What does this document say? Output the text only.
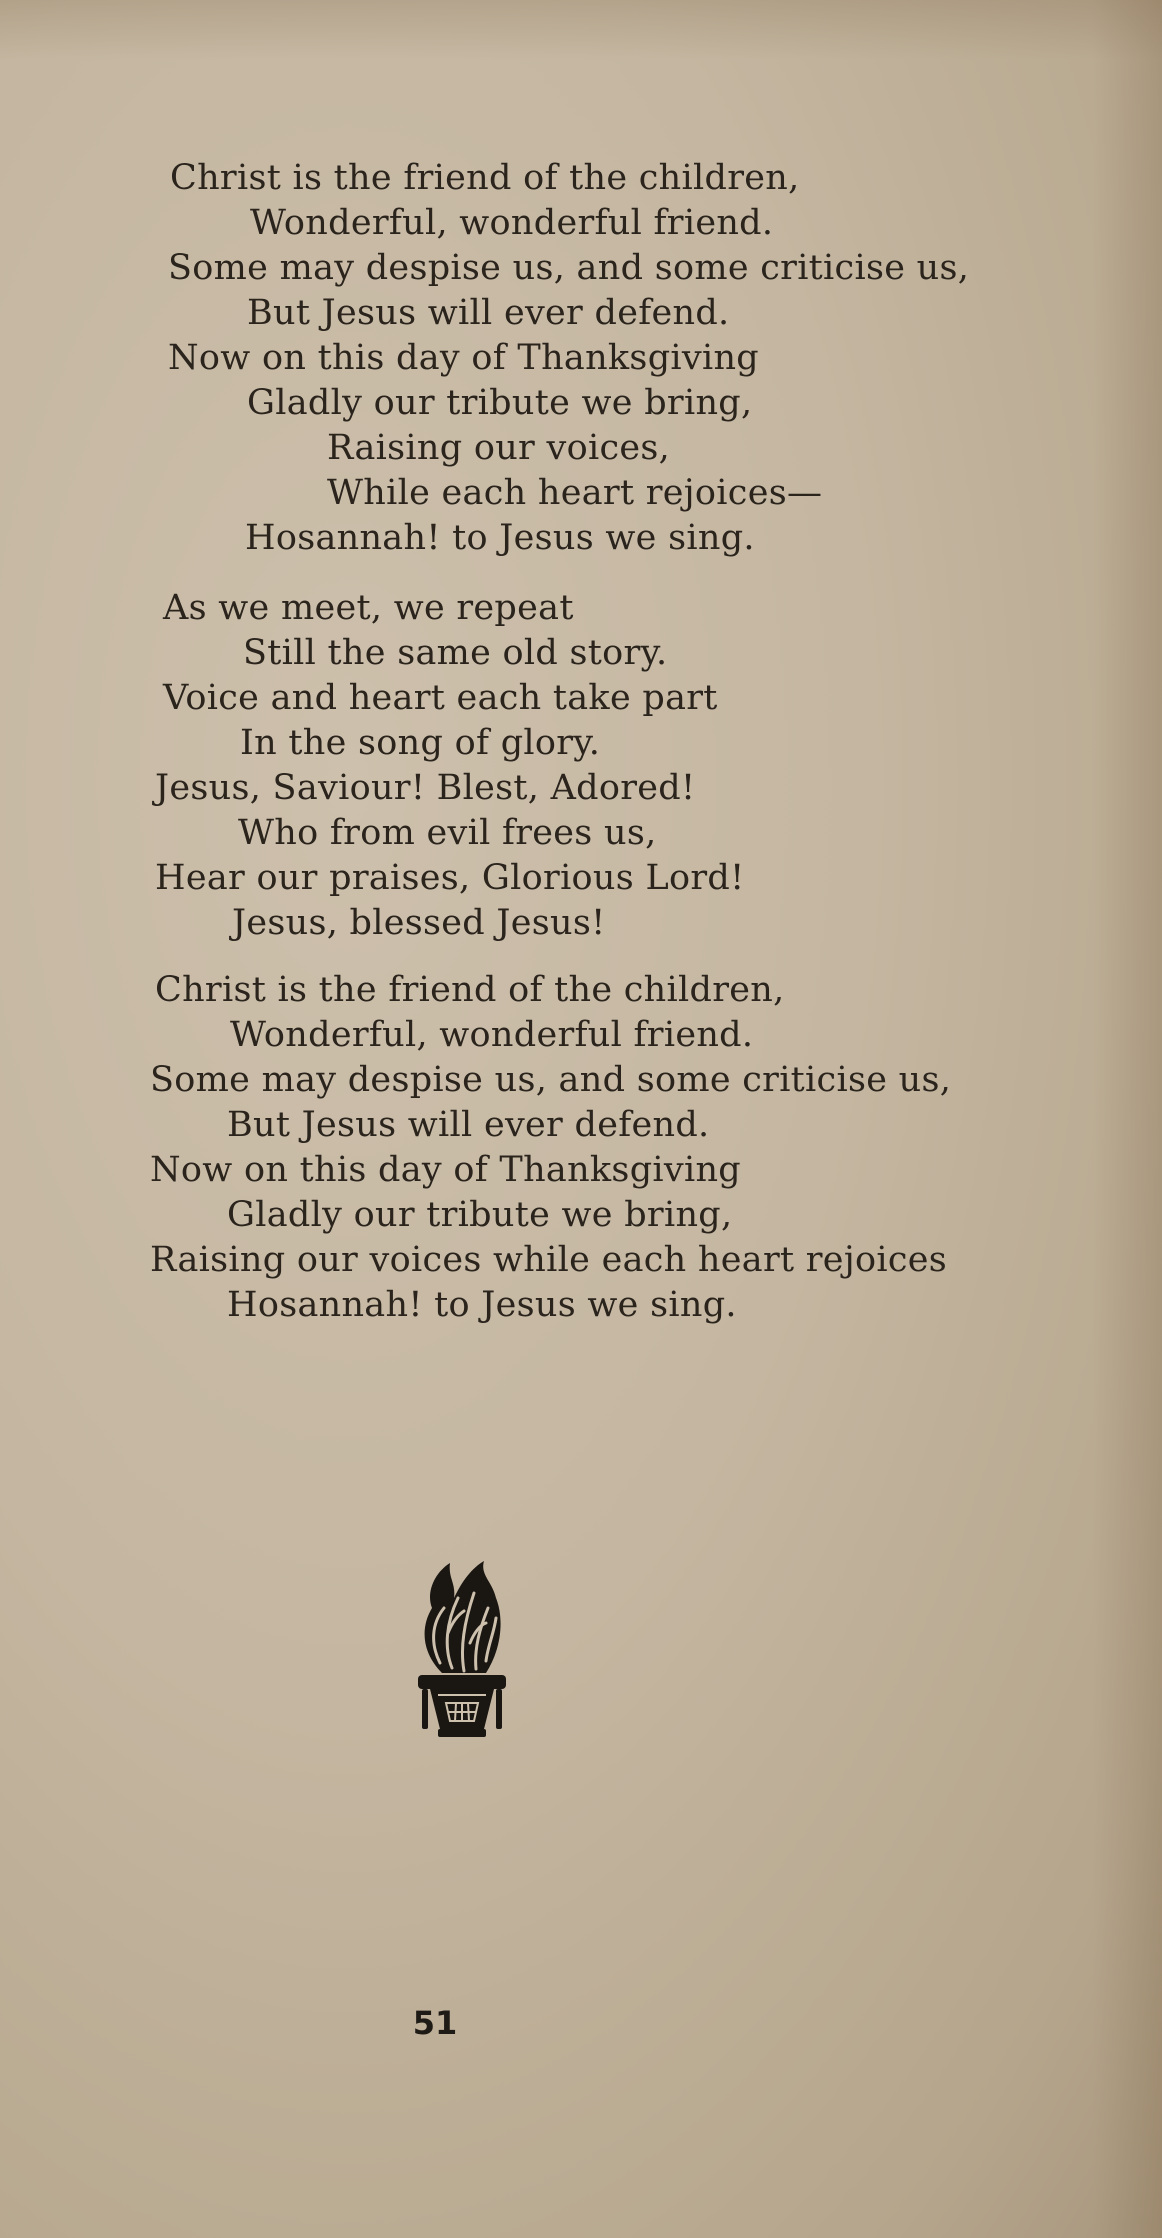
Christ is the friend of the children,
Wonderful, wonderful friend.
Some may despise us, and some criticise us,
But Jesus will ever defend.
Now on this day of Thanksgiving
Gladly our tribute we bring,
Raising our voices,
While each heart rejoices—
Hosannah! to Jesus we sing.
As we meet, we repeat
Still the same old story.
Voice and heart each take part
In the song of glory.
Jesus, Saviour! Blest, Adored!
Who from evil frees us,
Hear our praises, Glorious Lord!
Jesus, blessed Jesus!
Christ is the friend of the children,
Wonderful, wonderful friend.
Some may despise us, and some criticise us,
But Jesus will ever defend.
Now on this day of Thanksgiving
Gladly our tribute we bring,
Raising our voices while each heart rejoices
Hosannah! to Jesus we sing.
51
